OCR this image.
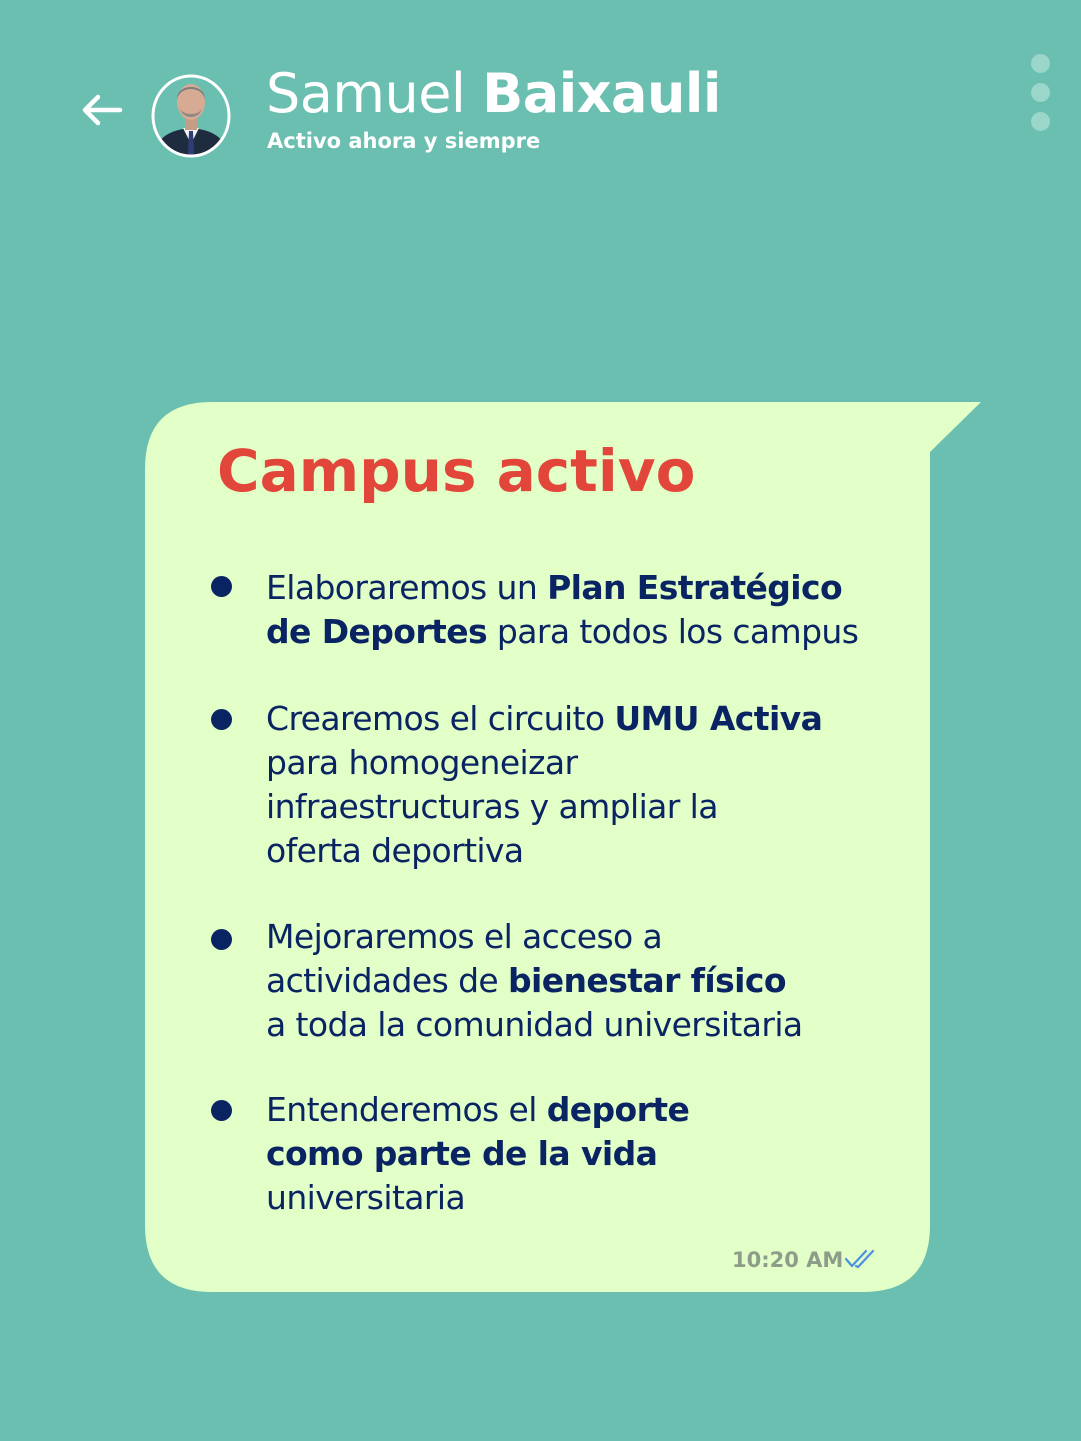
Samuel Baixauli
Activo ahora y siempre
Campus activo
Elaboraremos un Plan Estratégico
de Deportes para todos los campus
Crearemos el circuito UMU Activa
para homogeneizar
infraestructuras y ampliar la
oferta deportiva
Mejoraremos el acceso a
actividades de bienestar físico
a toda la comunidad universitaria
Entenderemos el deporte
como parte de la vida
universitaria
10:20 AM
